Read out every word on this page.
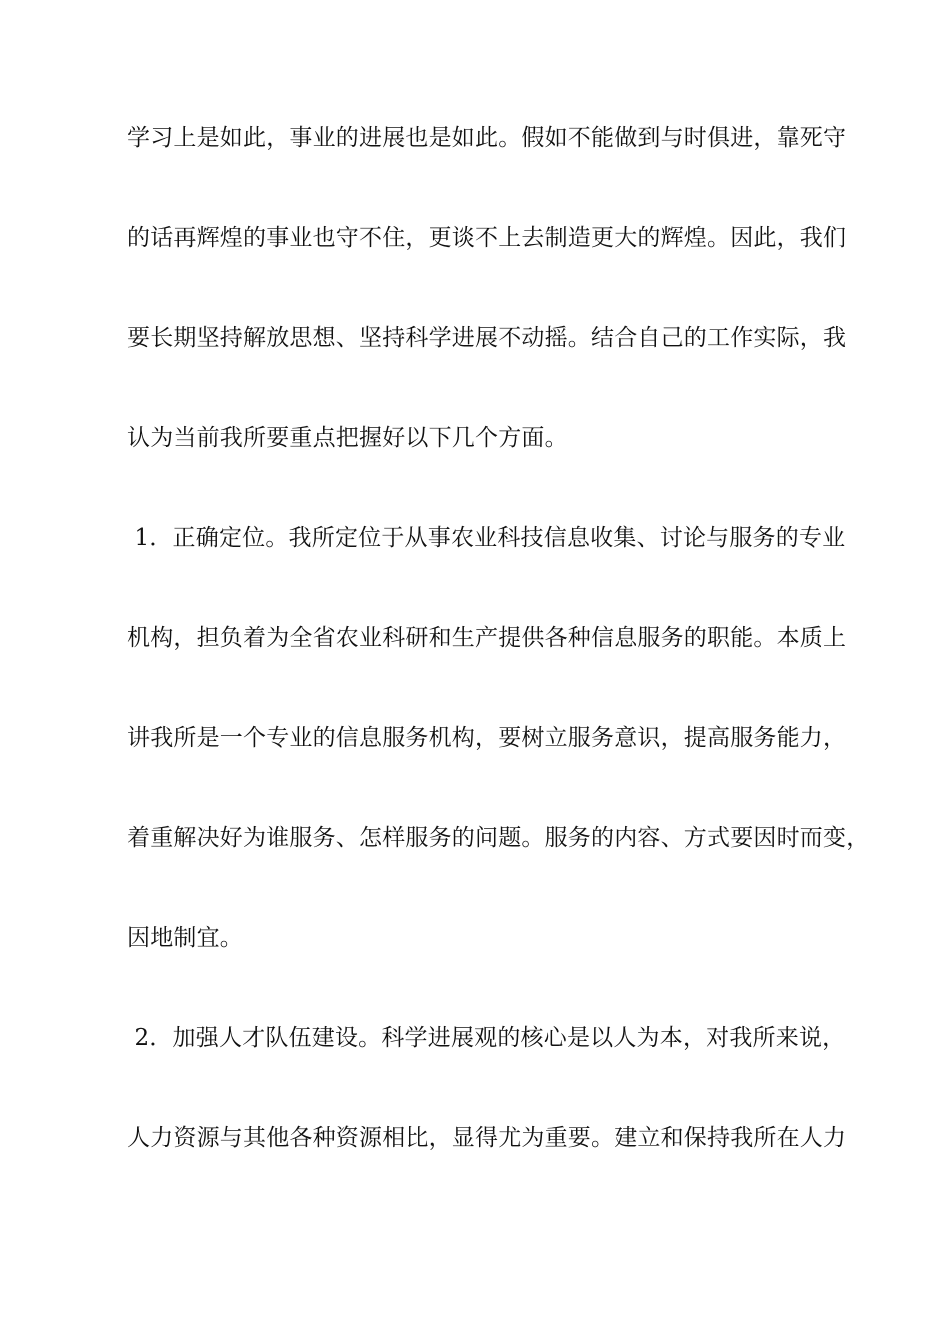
学习上是如此，事业的进展也是如此。假如不能做到与时俱进，靠死守
的话再辉煌的事业也守不住，更谈不上去制造更大的辉煌。因此，我们
要长期坚持解放思想、坚持科学进展不动摇。结合自己的工作实际，我
认为当前我所要重点把握好以下几个方面。
1．正确定位。我所定位于从事农业科技信息收集、讨论与服务的专业
机构，担负着为全省农业科研和生产提供各种信息服务的职能。本质上
讲我所是一个专业的信息服务机构，要树立服务意识，提高服务能力，
着重解决好为谁服务、怎样服务的问题。服务的内容、方式要因时而变，
因地制宜。
2．加强人才队伍建设。科学进展观的核心是以人为本，对我所来说，
人力资源与其他各种资源相比，显得尤为重要。建立和保持我所在人力
